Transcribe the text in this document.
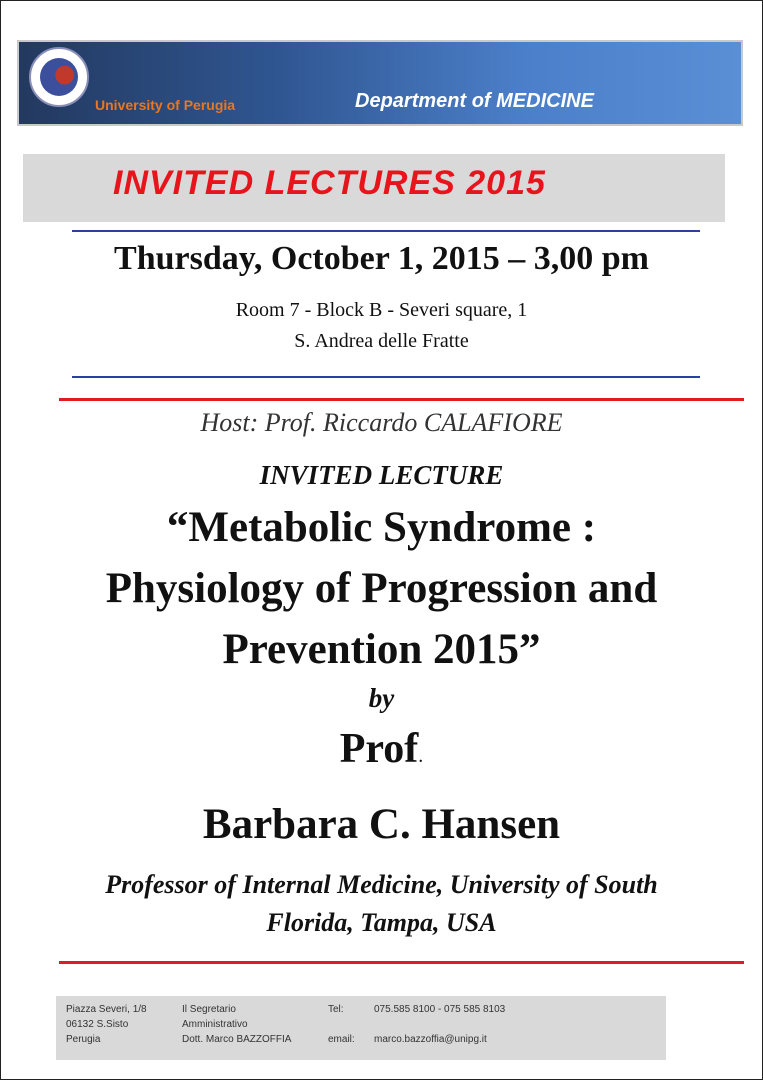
University of Perugia	Department of MEDICINE
INVITED LECTURES 2015
Thursday, October 1, 2015 – 3,00 pm
Room 7 - Block B - Severi square, 1
S. Andrea delle Fratte
Host: Prof. Riccardo CALAFIORE
INVITED LECTURE
“Metabolic Syndrome :
Physiology of Progression and
Prevention 2015”
by
Prof.
Barbara C. Hansen
Professor of Internal Medicine, University of South
Florida, Tampa, USA
Piazza Severi, 1/8
06132 S.Sisto
Perugia
Il Segretario
Amministrativo
Dott. Marco BAZZOFFIA
Tel:

email:
075.585 8100 - 075 585 8103

marco.bazzoffia@unipg.it
